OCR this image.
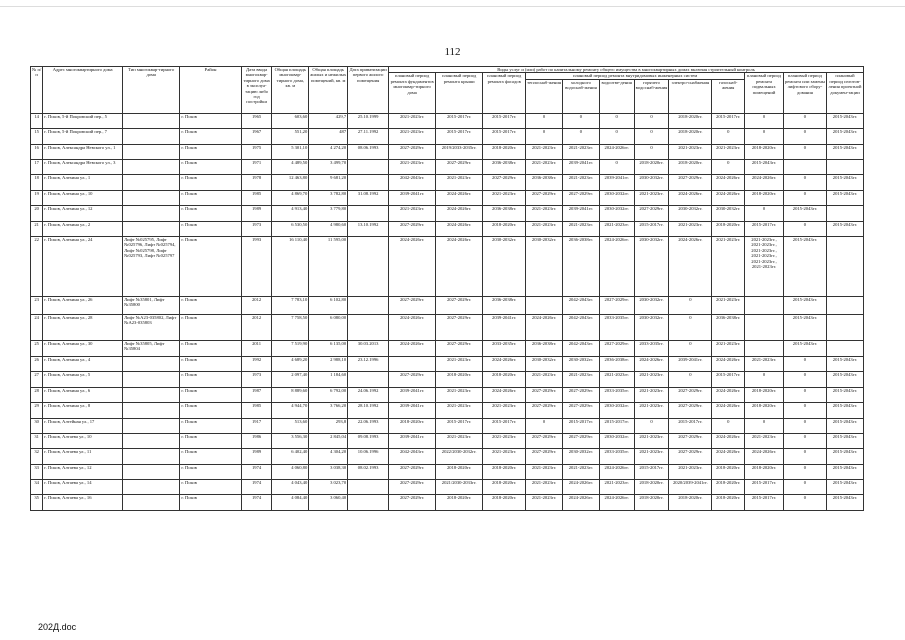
112
№ п/п	Адрес многоквартирного дома	Тип многоквар-тирного дома	Район	Дата ввода многоквар-тирного дома в эксплуа-тацию либо год постройки	Общая площадь многоквар-тирного дома, кв. м	Общая площадь жилых и нежилых помещений, кв. м	Дата приватизации первого жилого помещения	Виды услуг и (или) работ по капитальному ремонту общего имущества в многоквартирных домах включая строительный контроль											
								плановый период ремонта фундаментов многоквар-тирного дома	плановый период ремонта крыши	плановый период ремонта фасадов	плановый период ремонта внутридомовых инженерных систем						плановый период ремонта подвальных помещений	плановый период ремонта или замены лифтового обору-дования	плановый период изготов-ления проектной докумен-тации
											теплоснаб-жения	холодного водоснаб-жения	водоотве-дения	горячего водоснаб-жения	электро-снабжения	газоснаб-жения			
14	г. Псков, 5-й Покровский пер., 5		г. Псков	1965	603,60	429,7	25.10.1999	2021-2023гг.	2015-2017гг.	2015-2017гг.	0	0	0	0	2018-2020гг.	2015-2017гг.	0	0	2015-2043гг.
15	г. Псков, 5-й Покровский пер., 7		г. Псков	1967	551,20	487	27.11.1992	2021-2023гг.	2015-2017гг.	2015-2017гг.	0	0	0	0	2018-2020гг.	0	0	0	2015-2043гг.
16	г. Псков, Александра Невского ул., 1		г. Псков	1975	5 301,10	4 274,20	08.06.1993	2027-2029гг.	2019/2033-2035гг.	2018-2020гг.	2021-2023гг.	2021-2023гг.	2024-2026гг.	0	2021-2023гг.	2021-2023гг.	2018-2020гг.	0	2015-2043гг.
17	г. Псков, Александра Невского ул., 3		г. Псков	1971	4 489,50	3 499,70		2021-2023гг.	2027-2029гг.	2036-2038гг.	2021-2023гг.	2039-2041гг.	0	2018-2020гг.	2018-2020гг.	0	2015-2043гг.		
18	г. Псков, Алехина ул., 1		г. Псков	1978	12 463,80	9 681,20		2042-2043гг.	2021-2023гг.	2027-2029гг.	2036-2038гг.	2021-2023гг.	2039-2041гг.	2030-2032гг.	2027-2029гг.	2024-2026гг.	2024-2026гг.	0	2015-2043гг.
19	г. Псков, Алехина ул., 10		г. Псков	1985	4 869,70	3 782,80	31.08.1992	2039-2041гг.	2024-2026гг.	2021-2023гг.	2027-2029гг.	2027-2029гг.	2030-2032гг.	2021-2023гг.	2024-2026гг.	2024-2026гг.	2018-2020гг.	0	2015-2043гг.
20	г. Псков, Алехина ул., 12		г. Псков	1989	4 913,40	3 779,80		2021-2023гг.	2024-2026гг.	2036-2038гг.	2021-2023гг.	2039-2041гг.	2030-2032гг.	2027-2029гг.	2030-2032гг.	2030-2032гг.	0	2015-2043гг.	
21	г. Псков, Алехина ул., 2		г. Псков	1973	6 530,50	4 980,60	13.10.1992	2027-2029гг.	2024-2026гг.	2018-2020гг.	2021-2023гг.	2021-2023гг.	2021-2023гг.	2015-2017гг.	2021-2023гг.	2018-2020гг.	2015-2017гг.	0	2015-2043гг.
22	г. Псков, Алехина ул., 24	Лифт №025795, Лифт №025796, Лифт №025794, Лифт №025798, Лифт №025793, Лифт №025797	г. Псков	1993	16 110,40	11 595,00		2024-2026гг.	2024-2026гг.	2030-2032гг.	2030-2032гг.	2036-2038гг.	2024-2026гг.	2030-2032гг.	2024-2026гг.	2021-2023гг.	2021-2023гг., 2021-2023гг., 2021-2023гг., 2021-2023гг., 2021-2023гг., 2021-2023гг.	2015-2043гг.	
23	г. Псков, Алехина ул., 26	Лифт №35801, Лифт №35800	г. Псков	2012	7 783,10	6 102,80		2027-2029гг.	2027-2029гг.	2036-2038гг.		2042-2043гг.	2027-2029гг.	2030-2032гг.	0	2021-2023гг.		2015-2043гг.	
24	г. Псков, Алехина ул., 28	Лифт №А23-035802, Лифт №А23-035803	г. Псков	2012	7 758,50	6 080,00		2024-2026гг.	2027-2029гг.	2039-2041гг.	2024-2026гг.	2042-2043гг.	2033-2035гг.	2030-2032гг.	0	2036-2038гг.		2015-2043гг.	
25	г. Псков, Алехина ул., 30	Лифт №35805, Лифт №35804	г. Псков	2011	7 519,90	6 135,00	30.03.2013	2024-2026гг.	2027-2029гг.	2033-2035гг.	2036-2038гг.	2042-2043гг.	2027-2029гг.	2033-2035гг.	0	2021-2023гг.		2015-2043гг.	
26	г. Псков, Алехина ул., 4		г. Псков	1992	4 689,20	2 988,10	23.12.1996		2021-2023гг.	2024-2026гг.	2030-2032гг.	2030-2032гг.	2036-2038гг.	2024-2026гг.	2039-2041гг.	2024-2026гг.	2021-2023гг.	0	2015-2043гг.
27	г. Псков, Алехина ул., 5		г. Псков	1973	2 097,40	1 184,60		2027-2029гг.	2018-2020гг.	2018-2020гг.	2021-2023гг.	2021-2023гг.	2021-2023гг.	2021-2023гг.	0	2015-2017гг.	0	0	2015-2043гг.
28	г. Псков, Алехина ул., 6		г. Псков	1987	8 889,60	6 792,00	24.06.1992	2039-2041гг.	2021-2023гг.	2024-2026гг.	2027-2029гг.	2027-2029гг.	2033-2035гг.	2021-2023гг.	2027-2029гг.	2024-2026гг.	2018-2020гг.	0	2015-2043гг.
29	г. Псков, Алехина ул., 8		г. Псков	1985	4 944,70	3 766,20	28.10.1992	2039-2041гг.	2021-2023гг.	2021-2023гг.	2027-2029гг.	2027-2029гг.	2030-2032гг.	2021-2023гг.	2027-2029гг.	2024-2026гг.	2018-2020гг.	0	2015-2043гг.
30	г. Псков, Алтейная ул., 17		г. Псков	1917	513,60	293,8	22.06.1993	2018-2020гг.	2015-2017гг.	2015-2017гг.	0	2015-2017гг.	2015-2017гг.	0	2015-2017гг.	0	0	0	2015-2043гг.
31	г. Псков, Алтаева ул., 10		г. Псков	1986	3 556,30	2 845,04	09.08.1993	2039-2041гг.	2021-2023гг.	2021-2023гг.	2027-2029гг.	2027-2029гг.	2030-2032гг.	2021-2023гг.	2027-2029гг.	2024-2026гг.	2021-2023гг.	0	2015-2043гг.
32	г. Псков, Алтаева ул., 11		г. Псков	1989	6 402,40	4 304,20	10.06.1996	2042-2043гг.	2022/2030-2032гг.	2021-2023гг.	2027-2029гг.	2030-2032гг.	2033-2035гг.	2021-2023гг.	2027-2029гг.	2024-2026гг.	2024-2026гг.	0	2015-2043гг.
33	г. Псков, Алтаева ул., 12		г. Псков	1974	4 060,80	3 038,30	08.02.1993	2027-2029гг.	2018-2020гг.	2018-2020гг.	2021-2023гг.	2021-2023гг.	2024-2026гг.	2015-2017гг.	2021-2023гг.	2018-2020гг.	2018-2020гг.	0	2015-2043гг.
34	г. Псков, Алтаева ул., 14		г. Псков	1974	4 043,40	3 023,70		2027-2029гг.	2021/2030-2033гг.	2018-2020гг.	2021-2023гг.	2024-2026гг.	2021-2023гг.	2018-2020гг.	2020/2039-2041гг.	2018-2020гг.	2015-2017гг.	0	2015-2043гг.
35	г. Псков, Алтаева ул., 16		г. Псков	1974	4 084,40	3 060,40		2027-2029гг.	2018-2020гг.	2018-2020гг.	2021-2023гг.	2024-2026гг.	2024-2026гг.	2018-2020гг.	2018-2020гг.	2018-2020гг.	2015-2017гг.	0	2015-2043гг.
202Д.doc
